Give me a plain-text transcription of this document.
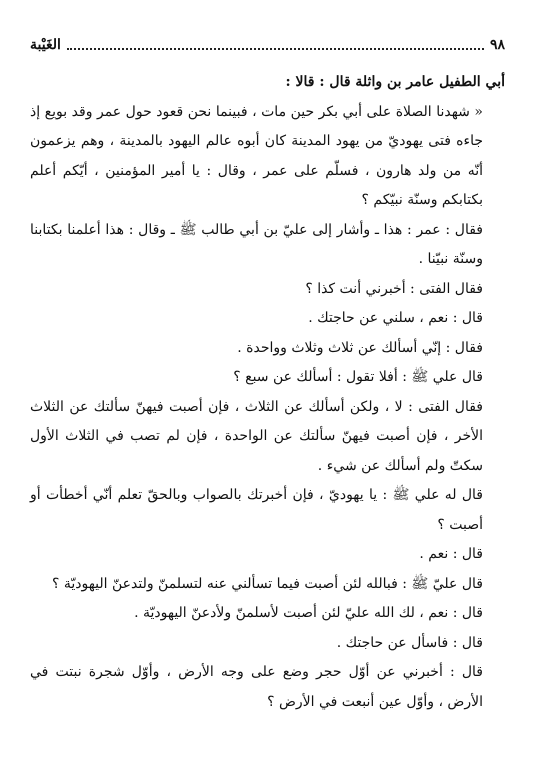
٩٨
الغَيْبة

أبي الطفيل عامر بن واثلة قال : قالا :

« شهدنا الصلاة على أبي بكر حين مات ، فبينما نحن قعود حول عمر وقد بويع إذ جاءه فتى يهوديّ من يهود المدينة كان أبوه عالم اليهود بالمدينة ، وهم يزعمون أنّه من ولد هارون ، فسلّم على عمر ، وقال : يا أمير المؤمنين ، أيّكم أعلم بكتابكم وسنّة نبيّكم ؟

فقال : عمر : هذا ـ وأشار إلى عليّ بن أبي طالب ﷺ ـ وقال : هذا أعلمنا بكتابنا وسنّة نبيّنا .

فقال الفتى : أخبرني أنت كذا ؟

قال : نعم ، سلني عن حاجتك .

فقال : إنّي أسألك عن ثلاث وثلاث وواحدة .

قال علي ﷺ : أفلا تقول : أسألك عن سبع ؟

فقال الفتى : لا ، ولكن أسألك عن الثلاث ، فإن أصبت فيهنّ سألتك عن الثلاث الأخر ، فإن أصبت فيهنّ سألتك عن الواحدة ، فإن لم تصب في الثلاث الأول سكتّ ولم أسألك عن شيء .

قال له علي ﷺ : يا يهوديّ ، فإن أخبرتك بالصواب وبالحقّ تعلم أنّي أخطأت أو أصبت ؟

قال : نعم .

قال عليّ ﷺ : فبالله لئن أصبت فيما تسألني عنه لتسلمنّ ولتدعنّ اليهوديّة ؟

قال : نعم ، لك الله عليّ لئن أصبت لأسلمنّ ولأدعنّ اليهوديّة .

قال : فاسأل عن حاجتك .

قال : أخبرني عن أوّل حجر وضع على وجه الأرض ، وأوّل شجرة نبتت في الأرض ، وأوّل عين أنبعت في الأرض ؟
